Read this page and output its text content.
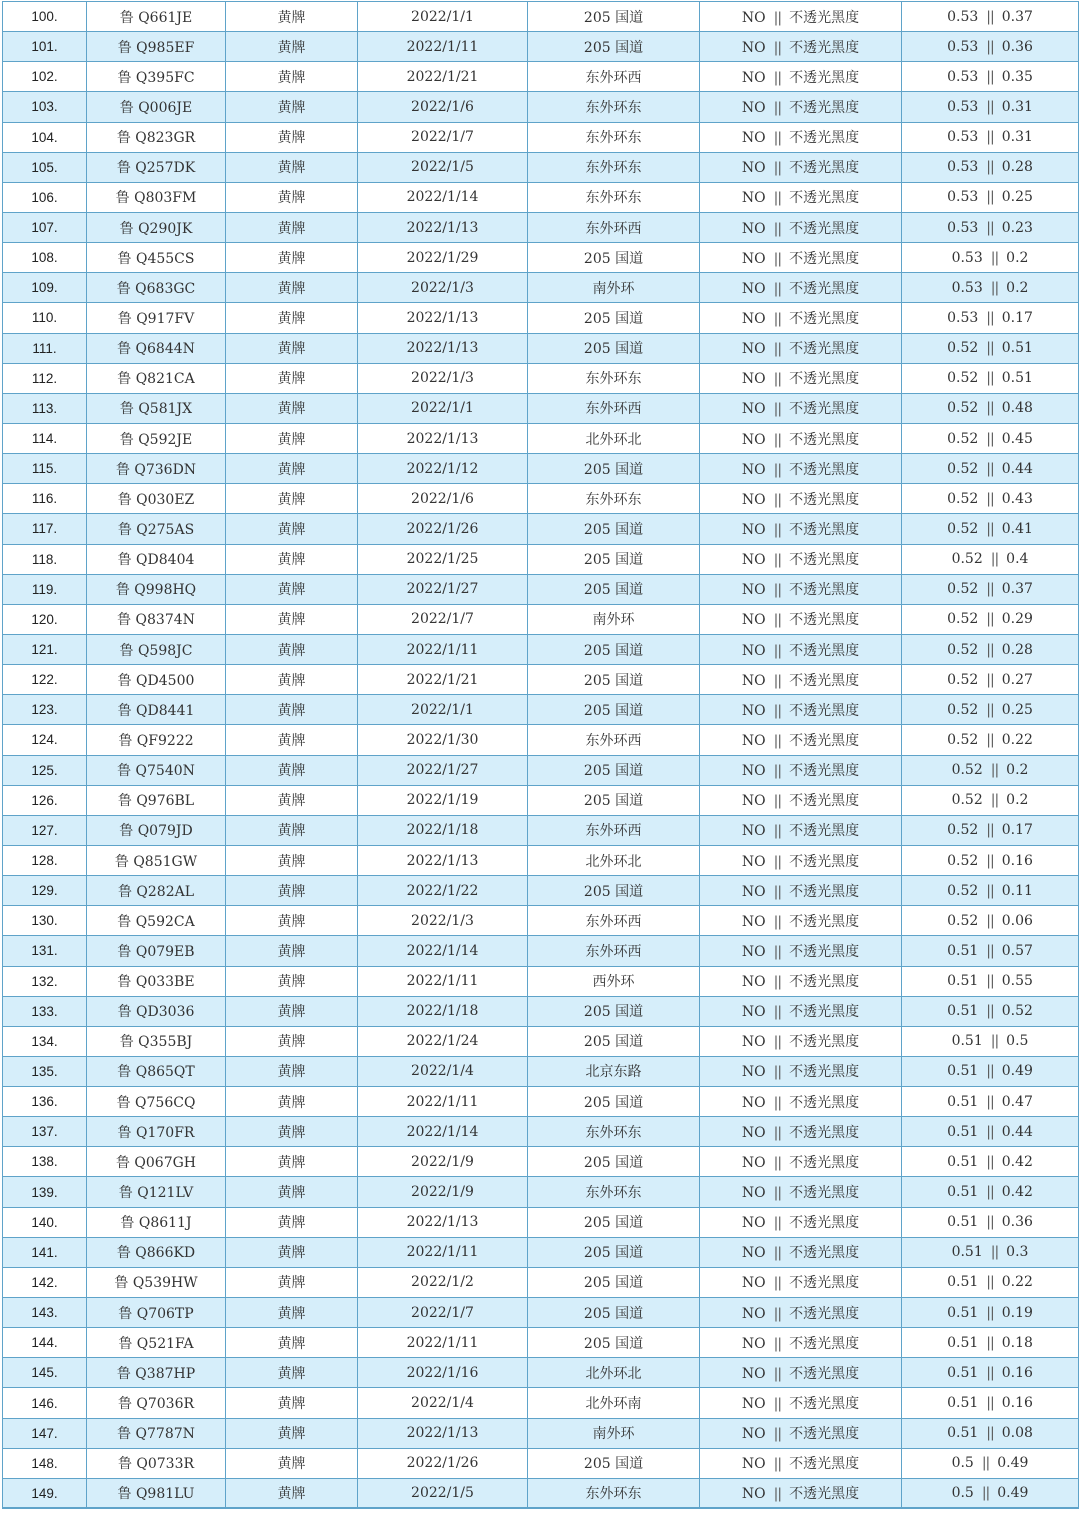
100.	鲁 Q661JE	黄牌	2022/1/1	205 国道	NO || 不透光黑度	0.53 || 0.37
101.	鲁 Q985EF	黄牌	2022/1/11	205 国道	NO || 不透光黑度	0.53 || 0.36
102.	鲁 Q395FC	黄牌	2022/1/21	东外环西	NO || 不透光黑度	0.53 || 0.35
103.	鲁 Q006JE	黄牌	2022/1/6	东外环东	NO || 不透光黑度	0.53 || 0.31
104.	鲁 Q823GR	黄牌	2022/1/7	东外环东	NO || 不透光黑度	0.53 || 0.31
105.	鲁 Q257DK	黄牌	2022/1/5	东外环东	NO || 不透光黑度	0.53 || 0.28
106.	鲁 Q803FM	黄牌	2022/1/14	东外环东	NO || 不透光黑度	0.53 || 0.25
107.	鲁 Q290JK	黄牌	2022/1/13	东外环西	NO || 不透光黑度	0.53 || 0.23
108.	鲁 Q455CS	黄牌	2022/1/29	205 国道	NO || 不透光黑度	0.53 || 0.2
109.	鲁 Q683GC	黄牌	2022/1/3	南外环	NO || 不透光黑度	0.53 || 0.2
110.	鲁 Q917FV	黄牌	2022/1/13	205 国道	NO || 不透光黑度	0.53 || 0.17
111.	鲁 Q6844N	黄牌	2022/1/13	205 国道	NO || 不透光黑度	0.52 || 0.51
112.	鲁 Q821CA	黄牌	2022/1/3	东外环东	NO || 不透光黑度	0.52 || 0.51
113.	鲁 Q581JX	黄牌	2022/1/1	东外环西	NO || 不透光黑度	0.52 || 0.48
114.	鲁 Q592JE	黄牌	2022/1/13	北外环北	NO || 不透光黑度	0.52 || 0.45
115.	鲁 Q736DN	黄牌	2022/1/12	205 国道	NO || 不透光黑度	0.52 || 0.44
116.	鲁 Q030EZ	黄牌	2022/1/6	东外环东	NO || 不透光黑度	0.52 || 0.43
117.	鲁 Q275AS	黄牌	2022/1/26	205 国道	NO || 不透光黑度	0.52 || 0.41
118.	鲁 QD8404	黄牌	2022/1/25	205 国道	NO || 不透光黑度	0.52 || 0.4
119.	鲁 Q998HQ	黄牌	2022/1/27	205 国道	NO || 不透光黑度	0.52 || 0.37
120.	鲁 Q8374N	黄牌	2022/1/7	南外环	NO || 不透光黑度	0.52 || 0.29
121.	鲁 Q598JC	黄牌	2022/1/11	205 国道	NO || 不透光黑度	0.52 || 0.28
122.	鲁 QD4500	黄牌	2022/1/21	205 国道	NO || 不透光黑度	0.52 || 0.27
123.	鲁 QD8441	黄牌	2022/1/1	205 国道	NO || 不透光黑度	0.52 || 0.25
124.	鲁 QF9222	黄牌	2022/1/30	东外环西	NO || 不透光黑度	0.52 || 0.22
125.	鲁 Q7540N	黄牌	2022/1/27	205 国道	NO || 不透光黑度	0.52 || 0.2
126.	鲁 Q976BL	黄牌	2022/1/19	205 国道	NO || 不透光黑度	0.52 || 0.2
127.	鲁 Q079JD	黄牌	2022/1/18	东外环西	NO || 不透光黑度	0.52 || 0.17
128.	鲁 Q851GW	黄牌	2022/1/13	北外环北	NO || 不透光黑度	0.52 || 0.16
129.	鲁 Q282AL	黄牌	2022/1/22	205 国道	NO || 不透光黑度	0.52 || 0.11
130.	鲁 Q592CA	黄牌	2022/1/3	东外环西	NO || 不透光黑度	0.52 || 0.06
131.	鲁 Q079EB	黄牌	2022/1/14	东外环西	NO || 不透光黑度	0.51 || 0.57
132.	鲁 Q033BE	黄牌	2022/1/11	西外环	NO || 不透光黑度	0.51 || 0.55
133.	鲁 QD3036	黄牌	2022/1/18	205 国道	NO || 不透光黑度	0.51 || 0.52
134.	鲁 Q355BJ	黄牌	2022/1/24	205 国道	NO || 不透光黑度	0.51 || 0.5
135.	鲁 Q865QT	黄牌	2022/1/4	北京东路	NO || 不透光黑度	0.51 || 0.49
136.	鲁 Q756CQ	黄牌	2022/1/11	205 国道	NO || 不透光黑度	0.51 || 0.47
137.	鲁 Q170FR	黄牌	2022/1/14	东外环东	NO || 不透光黑度	0.51 || 0.44
138.	鲁 Q067GH	黄牌	2022/1/9	205 国道	NO || 不透光黑度	0.51 || 0.42
139.	鲁 Q121LV	黄牌	2022/1/9	东外环东	NO || 不透光黑度	0.51 || 0.42
140.	鲁 Q8611J	黄牌	2022/1/13	205 国道	NO || 不透光黑度	0.51 || 0.36
141.	鲁 Q866KD	黄牌	2022/1/11	205 国道	NO || 不透光黑度	0.51 || 0.3
142.	鲁 Q539HW	黄牌	2022/1/2	205 国道	NO || 不透光黑度	0.51 || 0.22
143.	鲁 Q706TP	黄牌	2022/1/7	205 国道	NO || 不透光黑度	0.51 || 0.19
144.	鲁 Q521FA	黄牌	2022/1/11	205 国道	NO || 不透光黑度	0.51 || 0.18
145.	鲁 Q387HP	黄牌	2022/1/16	北外环北	NO || 不透光黑度	0.51 || 0.16
146.	鲁 Q7036R	黄牌	2022/1/4	北外环南	NO || 不透光黑度	0.51 || 0.16
147.	鲁 Q7787N	黄牌	2022/1/13	南外环	NO || 不透光黑度	0.51 || 0.08
148.	鲁 Q0733R	黄牌	2022/1/26	205 国道	NO || 不透光黑度	0.5 || 0.49
149.	鲁 Q981LU	黄牌	2022/1/5	东外环东	NO || 不透光黑度	0.5 || 0.49
